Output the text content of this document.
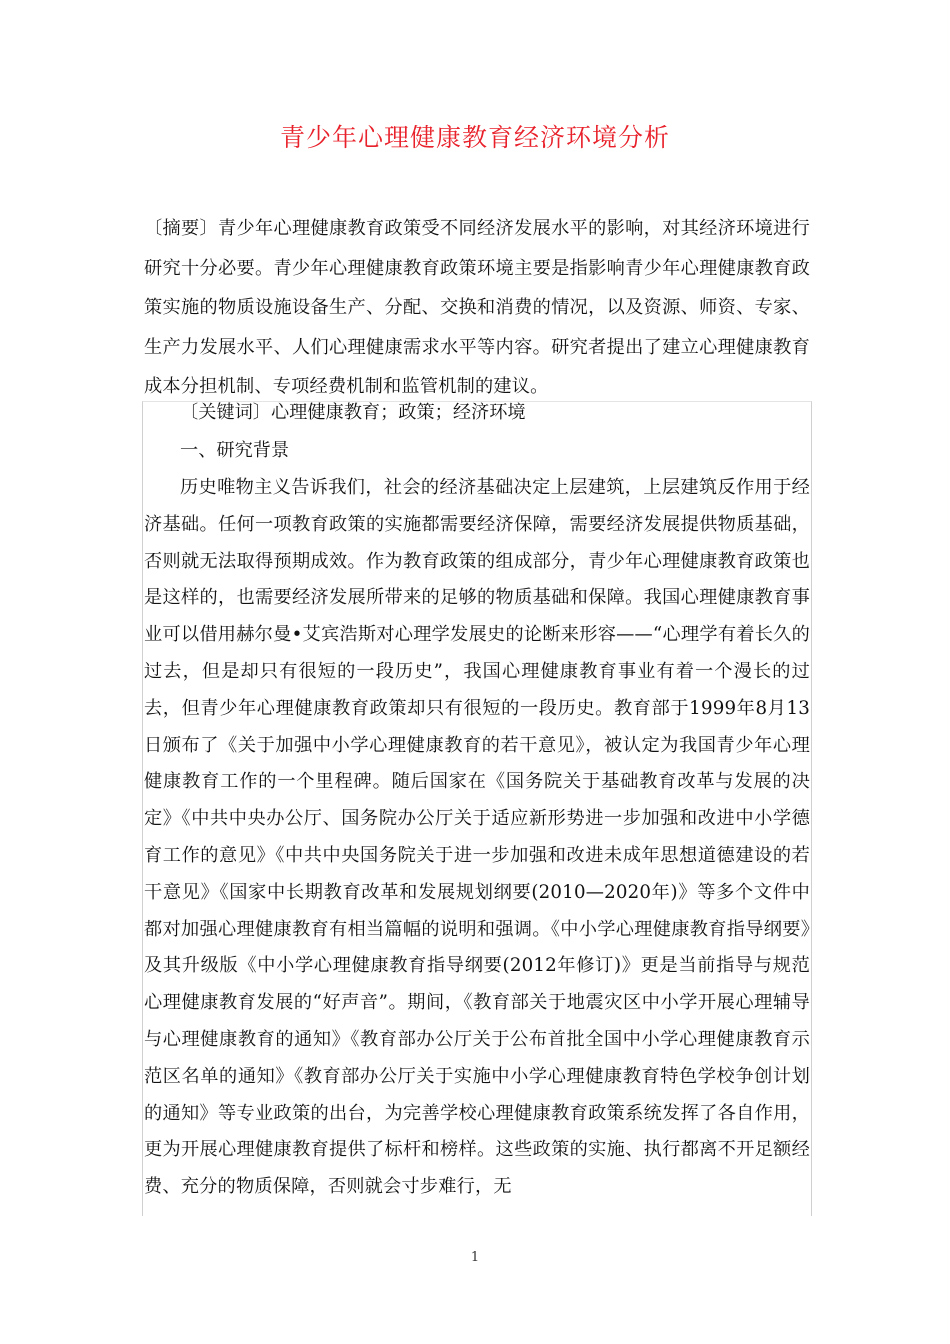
青少年心理健康教育经济环境分析

〔摘要〕青少年心理健康教育政策受不同经济发展水平的影响，对其经济环境进行研究十分必要。青少年心理健康教育政策环境主要是指影响青少年心理健康教育政策实施的物质设施设备生产、分配、交换和消费的情况，以及资源、师资、专家、生产力发展水平、人们心理健康需求水平等内容。研究者提出了建立心理健康教育成本分担机制、专项经费机制和监管机制的建议。

〔关键词〕心理健康教育；政策；经济环境

一、研究背景

历史唯物主义告诉我们，社会的经济基础决定上层建筑，上层建筑反作用于经济基础。任何一项教育政策的实施都需要经济保障，需要经济发展提供物质基础，否则就无法取得预期成效。作为教育政策的组成部分，青少年心理健康教育政策也是这样的，也需要经济发展所带来的足够的物质基础和保障。我国心理健康教育事业可以借用赫尔曼•艾宾浩斯对心理学发展史的论断来形容——“心理学有着长久的过去，但是却只有很短的一段历史”，我国心理健康教育事业有着一个漫长的过去，但青少年心理健康教育政策却只有很短的一段历史。教育部于1999年8月13日颁布了《关于加强中小学心理健康教育的若干意见》，被认定为我国青少年心理健康教育工作的一个里程碑。随后国家在《国务院关于基础教育改革与发展的决定》《中共中央办公厅、国务院办公厅关于适应新形势进一步加强和改进中小学德育工作的意见》《中共中央国务院关于进一步加强和改进未成年思想道德建设的若干意见》《国家中长期教育改革和发展规划纲要(2010—2020年)》等多个文件中都对加强心理健康教育有相当篇幅的说明和强调。《中小学心理健康教育指导纲要》及其升级版《中小学心理健康教育指导纲要(2012年修订)》更是当前指导与规范心理健康教育发展的“好声音”。期间，《教育部关于地震灾区中小学开展心理辅导与心理健康教育的通知》《教育部办公厅关于公布首批全国中小学心理健康教育示范区名单的通知》《教育部办公厅关于实施中小学心理健康教育特色学校争创计划的通知》等专业政策的出台，为完善学校心理健康教育政策系统发挥了各自作用，更为开展心理健康教育提供了标杆和榜样。这些政策的实施、执行都离不开足额经费、充分的物质保障，否则就会寸步难行，无

1
